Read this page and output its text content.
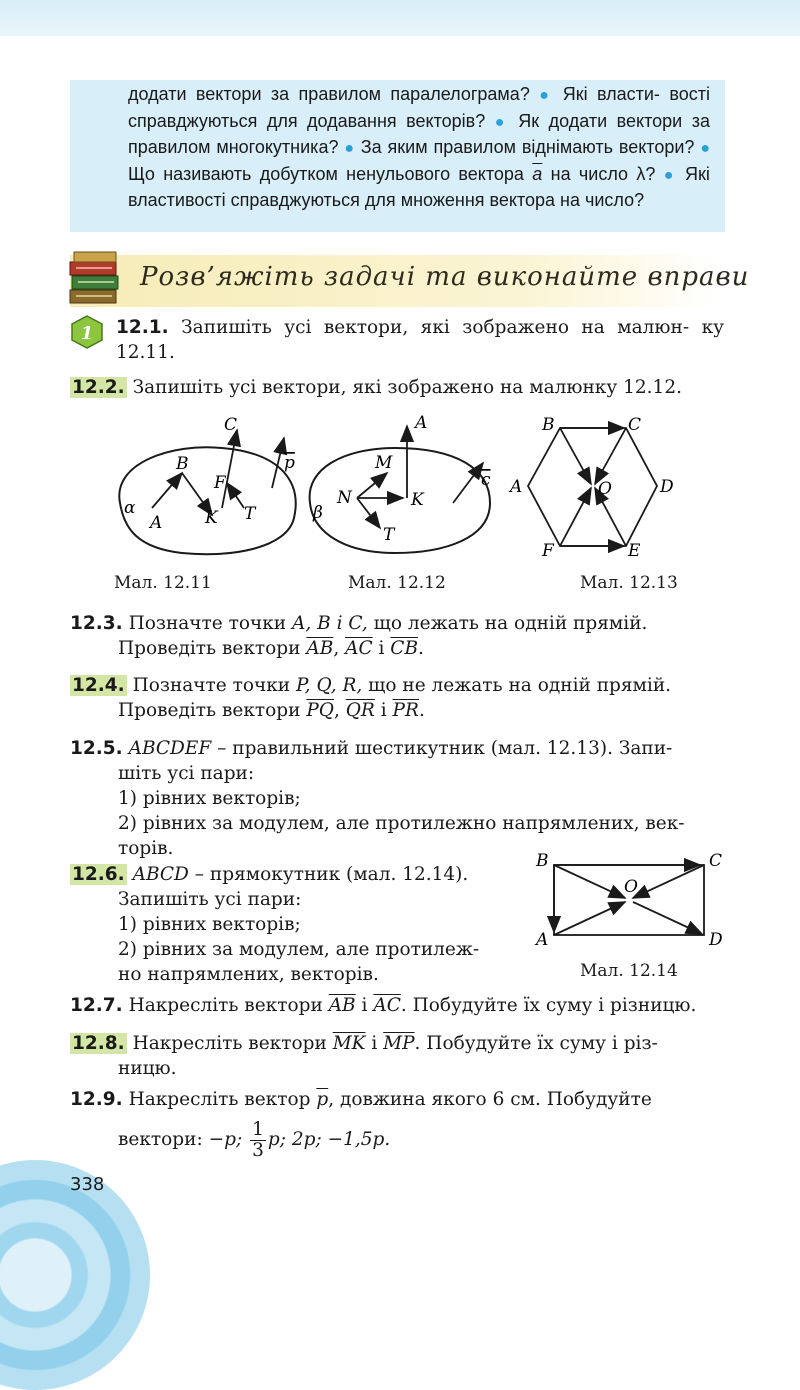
додати вектори за правилом паралелограма? ● Які власти- вості справджуються для додавання векторів? ● Як додати вектори за правилом многокутника? ● За яким правилом віднімають вектори? ● Що називають добутком ненульового вектора $\overline{a}$ на число λ? ● Які властивості справджуються для множення вектора на число?
Розв’яжіть задачі та виконайте вправи
1 12.1. Запишіть усі вектори, які зображено на малюн- ку 12.11.
12.2. Запишіть усі вектори, які зображено на малюнку 12.12.
α
A
B
K
C
F
T
p
Мал. 12.11
β
A
M
N	K
T
c
Мал. 12.12
B	C
D
E
F
A	O
Мал. 12.13
12.3. Позначте точки A, B і C, що лежать на одній прямій.
Проведіть вектори $\overline{AB}$, $\overline{AC}$ і $\overline{CB}$.
12.4. Позначте точки P, Q, R, що не лежать на одній прямій.
Проведіть вектори $\overline{PQ}$, $\overline{QR}$ і $\overline{PR}$.
12.5. ABCDEF – правильний шестикутник (мал. 12.13). Запи-
шіть усі пари:
1) рівних векторів;
2) рівних за модулем, але протилежно напрямлених, век-
торів.
12.6. ABCD – прямокутник (мал. 12.14).
Запишіть усі пари:
1) рівних векторів;
2) рівних за модулем, але протилеж-
но напрямлених, векторів.
B	C
D
A
O
Мал. 12.14
12.7. Накресліть вектори $\overline{AB}$ і $\overline{AC}$. Побудуйте їх суму і різницю.
12.8. Накресліть вектори $\overline{MK}$ і $\overline{MP}$. Побудуйте їх суму і різ-
ницю.
12.9. Накресліть вектор $\overline{p}$, довжина якого 6 см. Побудуйте
вектори: −p; $\frac{1}{3} p$; 2p; −1,5p.
338
